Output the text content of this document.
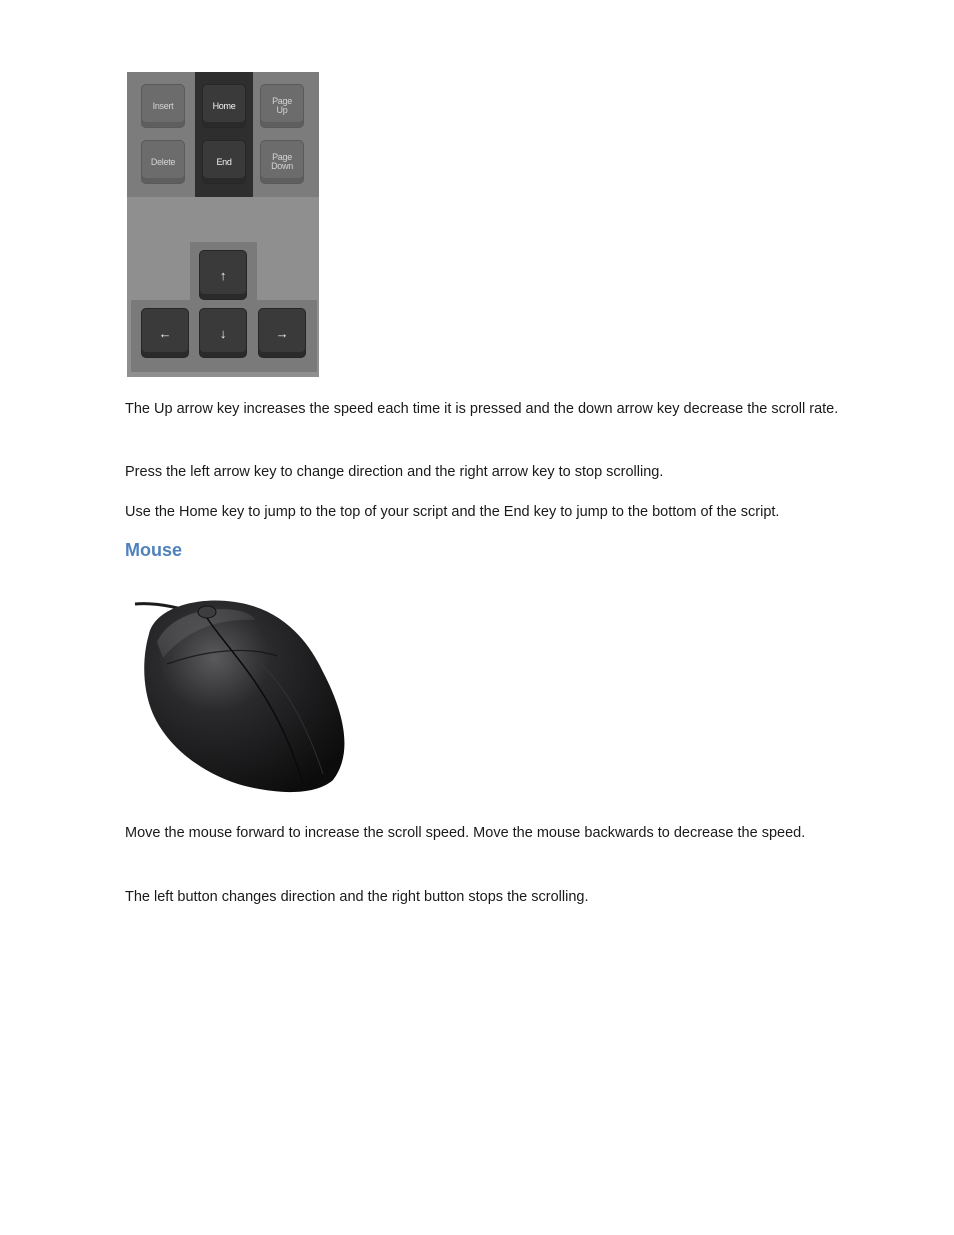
Insert	Home	Page
Up
Delete	End	Page
Down
↑
←	↓	→

The Up arrow key increases the speed each time it is pressed and the down arrow key decrease the scroll rate.

Press the left arrow key to change direction and the right arrow key to stop scrolling.

Use the Home key to jump to the top of your script and the End key to jump to the bottom of the script.

Mouse

Move the mouse forward to increase the scroll speed. Move the mouse backwards to decrease the speed.

The left button changes direction and the right button stops the scrolling.
